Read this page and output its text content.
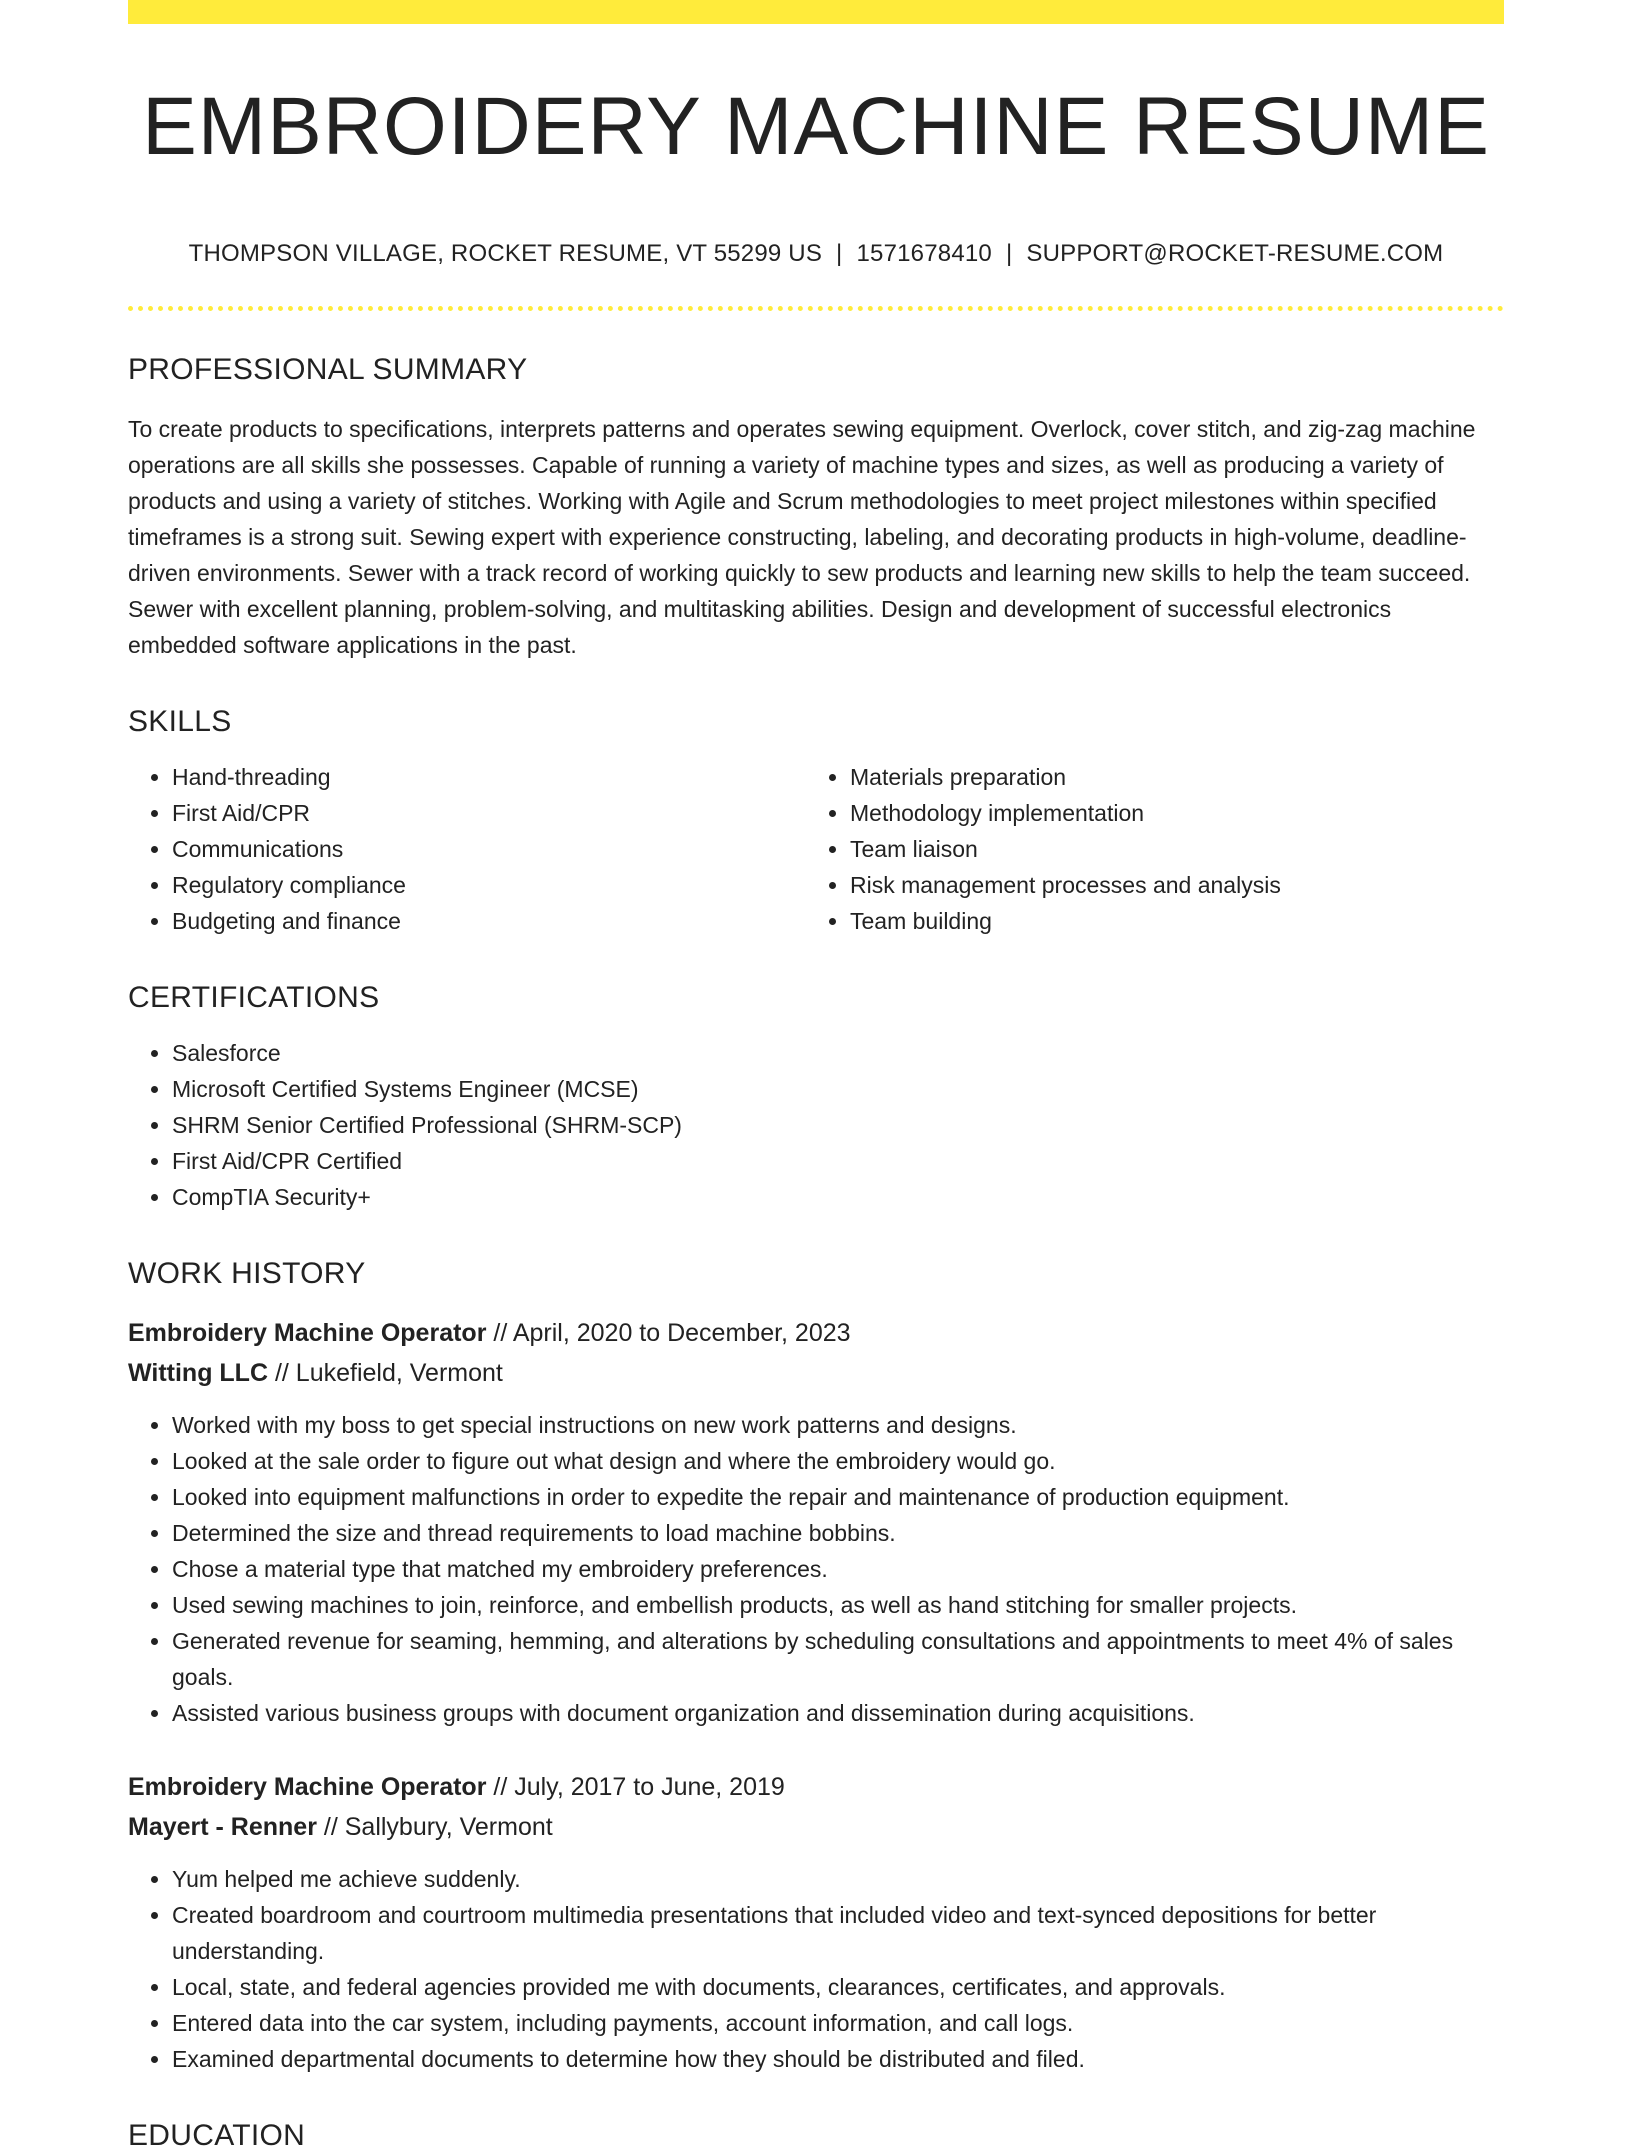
EMBROIDERY MACHINE RESUME
THOMPSON VILLAGE, ROCKET RESUME, VT 55299 US | 1571678410 | SUPPORT@ROCKET-RESUME.COM
PROFESSIONAL SUMMARY
To create products to specifications, interprets patterns and operates sewing equipment. Overlock, cover stitch, and zig-zag machine operations are all skills she possesses. Capable of running a variety of machine types and sizes, as well as producing a variety of products and using a variety of stitches. Working with Agile and Scrum methodologies to meet project milestones within specified timeframes is a strong suit. Sewing expert with experience constructing, labeling, and decorating products in high-volume, deadline-driven environments. Sewer with a track record of working quickly to sew products and learning new skills to help the team succeed. Sewer with excellent planning, problem-solving, and multitasking abilities. Design and development of successful electronics embedded software applications in the past.
SKILLS
• Hand-threading
• First Aid/CPR
• Communications
• Regulatory compliance
• Budgeting and finance
• Materials preparation
• Methodology implementation
• Team liaison
• Risk management processes and analysis
• Team building
CERTIFICATIONS
• Salesforce
• Microsoft Certified Systems Engineer (MCSE)
• SHRM Senior Certified Professional (SHRM-SCP)
• First Aid/CPR Certified
• CompTIA Security+
WORK HISTORY
Embroidery Machine Operator // April, 2020 to December, 2023
Witting LLC // Lukefield, Vermont
• Worked with my boss to get special instructions on new work patterns and designs.
• Looked at the sale order to figure out what design and where the embroidery would go.
• Looked into equipment malfunctions in order to expedite the repair and maintenance of production equipment.
• Determined the size and thread requirements to load machine bobbins.
• Chose a material type that matched my embroidery preferences.
• Used sewing machines to join, reinforce, and embellish products, as well as hand stitching for smaller projects.
• Generated revenue for seaming, hemming, and alterations by scheduling consultations and appointments to meet 4% of sales goals.
• Assisted various business groups with document organization and dissemination during acquisitions.
Embroidery Machine Operator // July, 2017 to June, 2019
Mayert - Renner // Sallybury, Vermont
• Yum helped me achieve suddenly.
• Created boardroom and courtroom multimedia presentations that included video and text-synced depositions for better understanding.
• Local, state, and federal agencies provided me with documents, clearances, certificates, and approvals.
• Entered data into the car system, including payments, account information, and call logs.
• Examined departmental documents to determine how they should be distributed and filed.
EDUCATION
